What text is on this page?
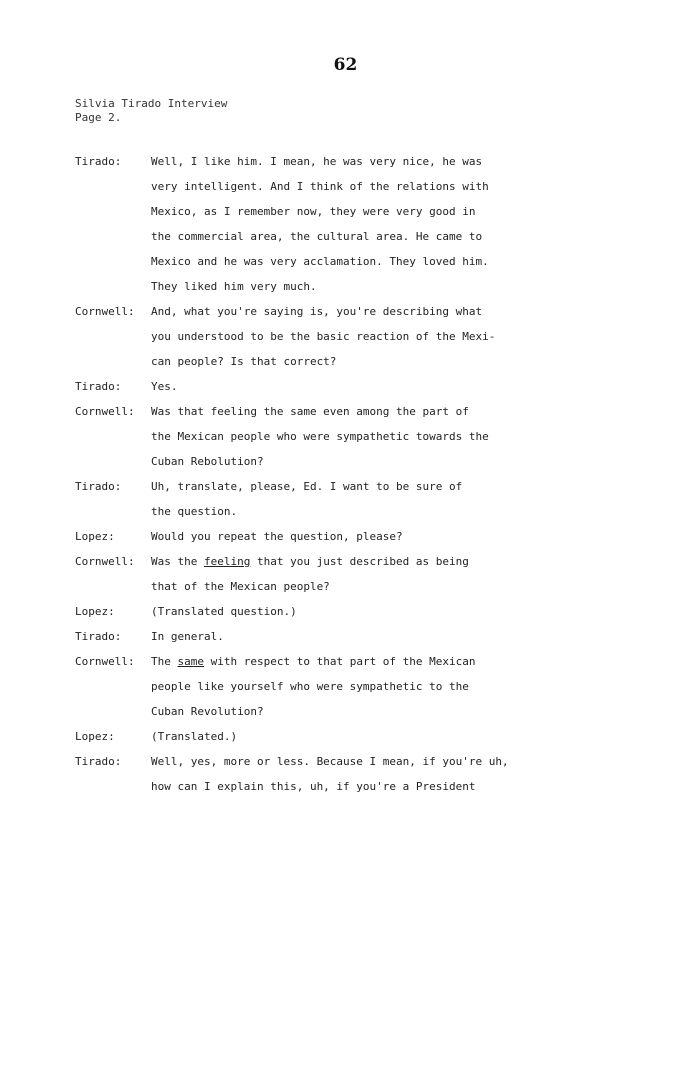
62
Silvia Tirado Interview
Page 2.
Tirado:	Well, I like him. I mean, he was very nice, he was
very intelligent. And I think of the relations with
Mexico, as I remember now, they were very good in
the commercial area, the cultural area. He came to
Mexico and he was very acclamation. They loved him.
They liked him very much.
Cornwell:	And, what you're saying is, you're describing what
you understood to be the basic reaction of the Mexi-
can people? Is that correct?
Tirado:	Yes.
Cornwell:	Was that feeling the same even among the part of
the Mexican people who were sympathetic towards the
Cuban Rebolution?
Tirado:	Uh, translate, please, Ed. I want to be sure of
the question.
Lopez:	Would you repeat the question, please?
Cornwell:	Was the feeling that you just described as being
that of the Mexican people?
Lopez:	(Translated question.)
Tirado:	In general.
Cornwell:	The same with respect to that part of the Mexican
people like yourself who were sympathetic to the
Cuban Revolution?
Lopez:	(Translated.)
Tirado:	Well, yes, more or less. Because I mean, if you're uh,
how can I explain this, uh, if you're a President
